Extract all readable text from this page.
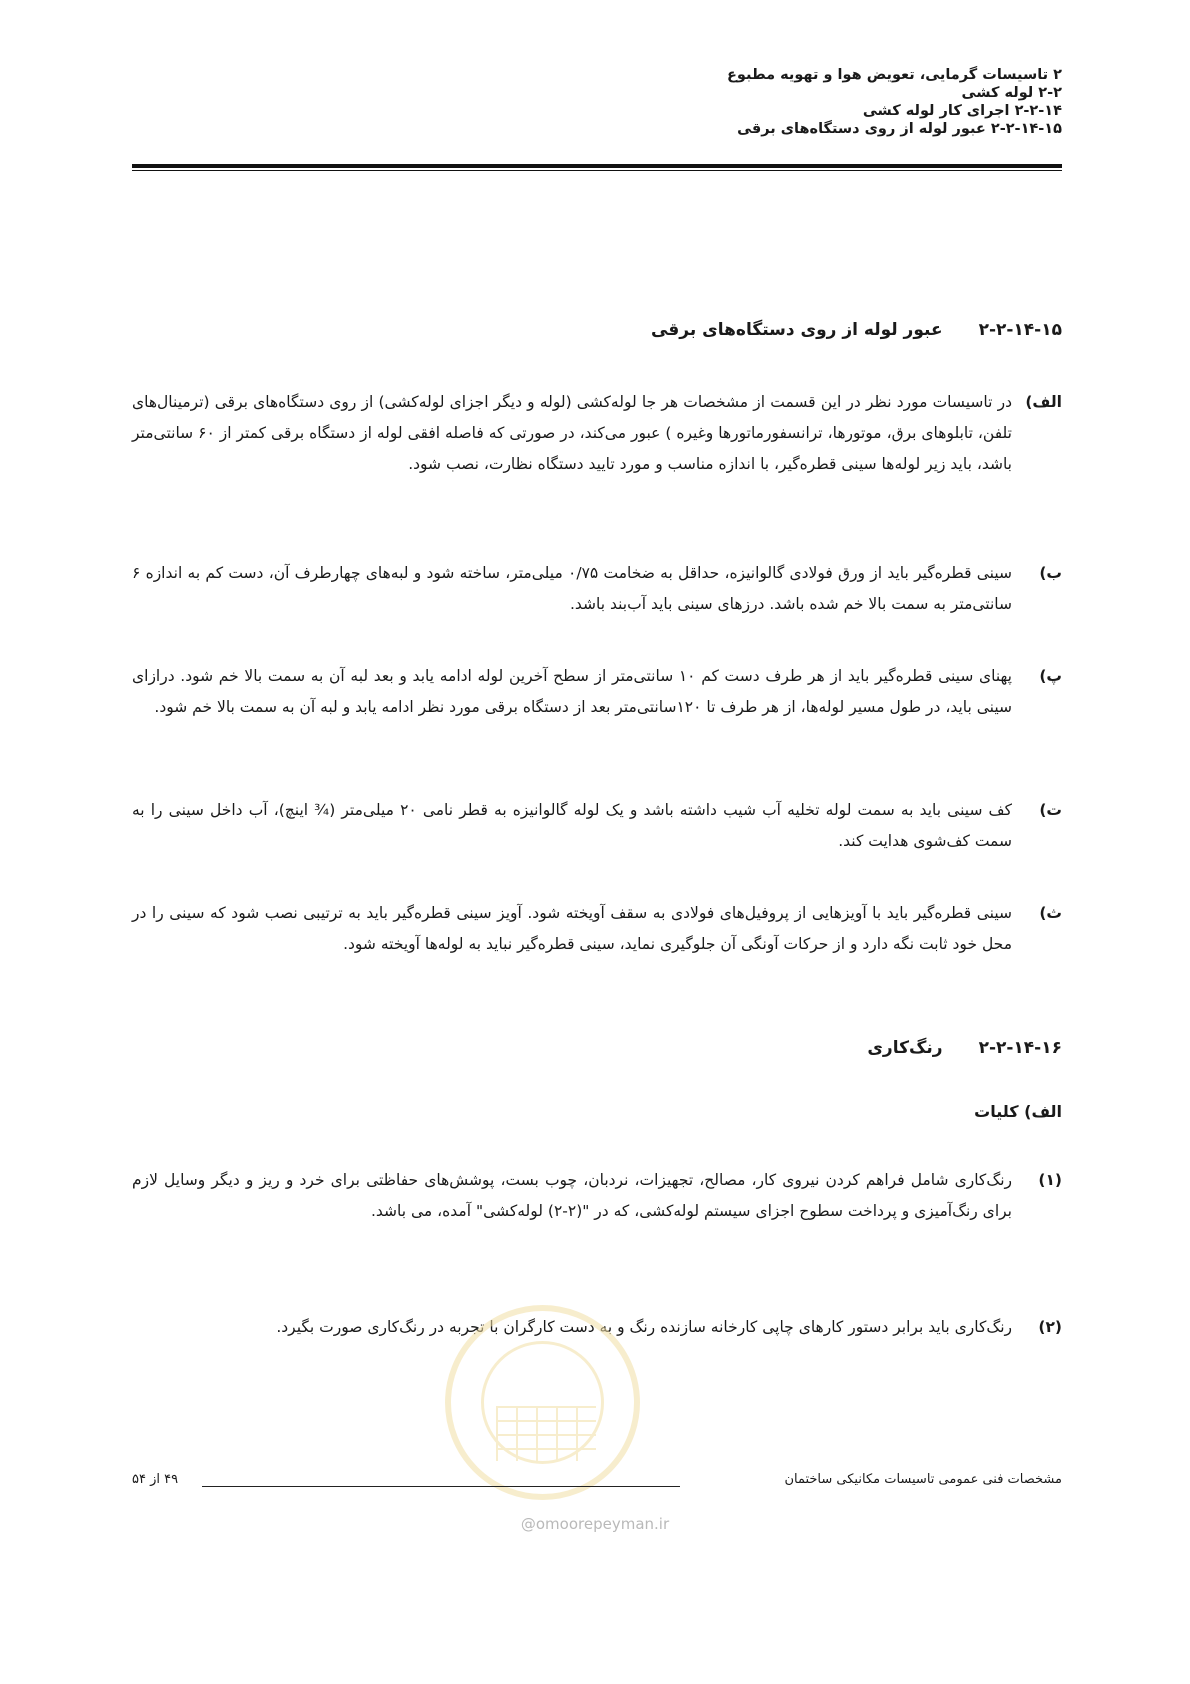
۲ تاسیسات گرمایی، تعویض هوا و تهویه مطبوع
۲-۲ لوله کشی
۲-۲-۱۴ اجرای کار لوله کشی
۲-۲-۱۴-۱۵ عبور لوله از روی دستگاه‌های برقی
۲-۲-۱۴-۱۵
عبور لوله از روی دستگاه‌های برقی
الف)
در تاسیسات مورد نظر در این قسمت از مشخصات هر جا لوله‌کشی (لوله و دیگر اجزای لوله‌کشی) از روی دستگاه‌های برقی (ترمینال‌های تلفن، تابلوهای برق، موتورها، ترانسفورماتورها وغیره ) عبور می‌کند، در صورتی که فاصله افقی لوله از دستگاه برقی کمتر از ۶۰ سانتی‌متر باشد، باید زیر لوله‌ها سینی قطره‌گیر، با اندازه مناسب و مورد تایید دستگاه نظارت، نصب شود.
ب)
سینی قطره‌گیر باید از ورق فولادی گالوانیزه، حداقل به ضخامت ۰/۷۵ میلی‌متر، ساخته شود و لبه‌های چهارطرف آن، دست کم به اندازه ۶ سانتی‌متر به سمت بالا خم شده باشد. درزهای سینی باید آب‌بند باشد.
پ)
پهنای سینی قطره‌گیر باید از هر طرف دست کم ۱۰ سانتی‌متر از سطح آخرین لوله ادامه یابد و بعد لبه آن به سمت بالا خم شود. درازای سینی باید، در طول مسیر لوله‌ها، از هر طرف تا ۱۲۰سانتی‌متر بعد از دستگاه برقی مورد نظر ادامه یابد و لبه آن به سمت بالا خم شود.
ت)
کف سینی باید به سمت لوله تخلیه آب شیب داشته باشد و یک لوله گالوانیزه به قطر نامی ۲۰ میلی‌متر (¾ اینچ)، آب داخل سینی را به سمت کف‌شوی هدایت کند.
ث)
سینی قطره‌گیر باید با آویزهایی از پروفیل‌های فولادی به سقف آویخته شود. آویز سینی قطره‌گیر باید به ترتیبی نصب شود که سینی را در محل خود ثابت نگه دارد و از حرکات آونگی آن جلوگیری نماید، سینی قطره‌گیر نباید به لوله‌ها آویخته شود.
۲-۲-۱۴-۱۶
رنگ‌کاری
الف) کلیات
(۱)
رنگ‌کاری شامل فراهم کردن نیروی کار، مصالح، تجهیزات، نردبان، چوب بست، پوشش‌های حفاظتی برای خرد و ریز و دیگر وسایل لازم برای رنگ‌آمیزی و پرداخت سطوح اجزای سیستم لوله‌کشی، که در "(۲-۲) لوله‌کشی" آمده، می باشد.
(۲)
رنگ‌کاری باید برابر دستور کارهای چاپی کارخانه سازنده رنگ و به دست کارگران با تجربه در رنگ‌کاری صورت بگیرد.
مشخصات فنی عمومی تاسیسات مکانیکی ساختمان
۴۹ از ۵۴
@omoorepeyman.ir
